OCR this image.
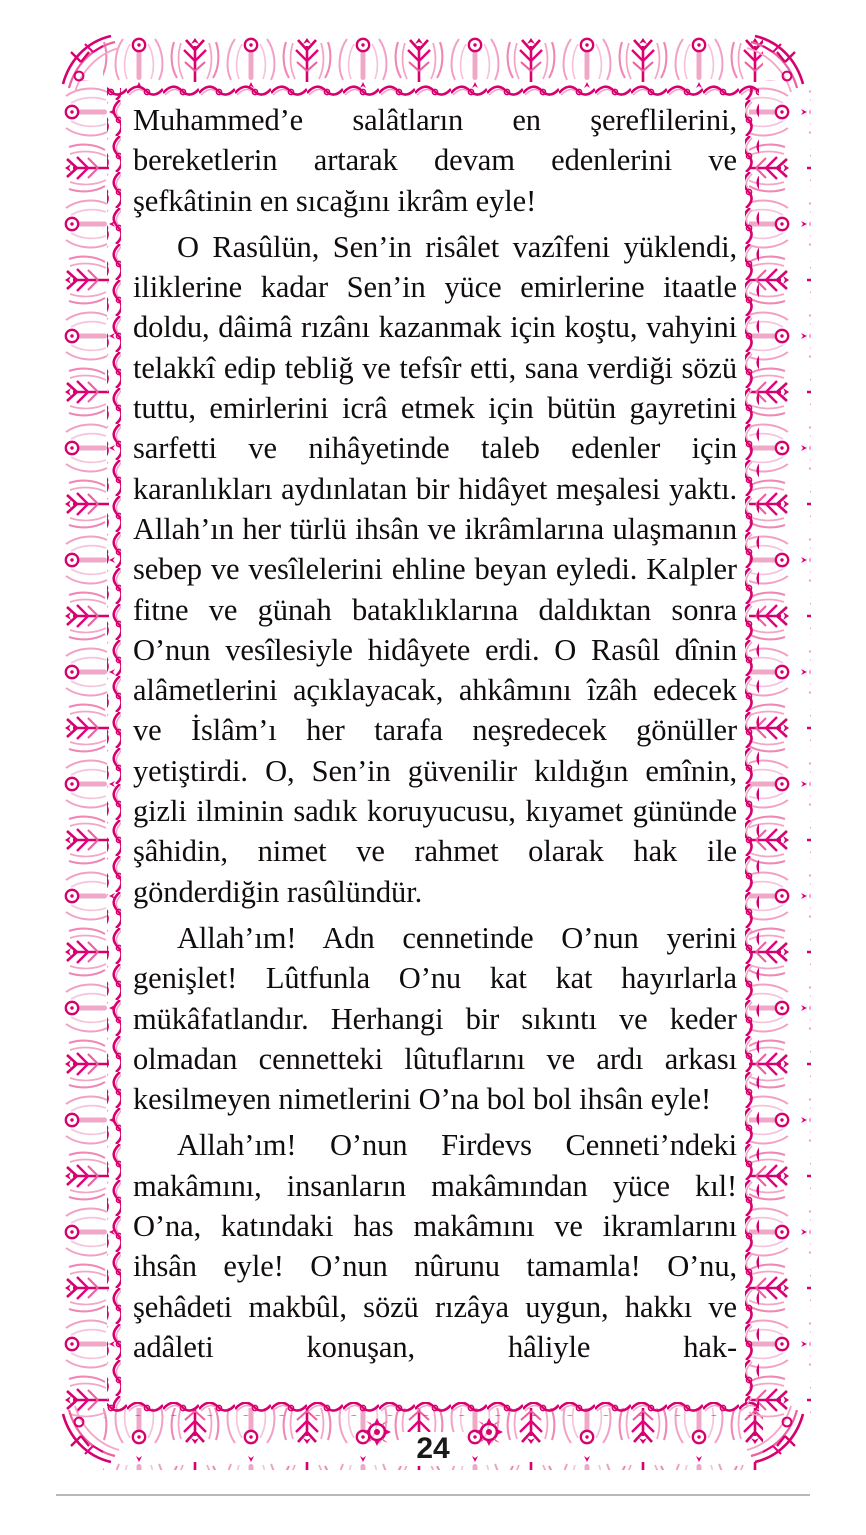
Muhammed’e salâtların en şereflilerini, bereketlerin artarak devam edenlerini ve şefkâtinin en sıcağını ikrâm eyle!

O Rasûlün, Sen’in risâlet vazîfeni yüklendi, iliklerine kadar Sen’in yüce emirlerine itaatle doldu, dâimâ rızânı kazanmak için koştu, vahyini telakkî edip tebliğ ve tefsîr etti, sana verdiği sözü tuttu, emirlerini icrâ etmek için bütün gayretini sarfetti ve nihâyetinde taleb edenler için karanlıkları aydınlatan bir hidâyet meşalesi yaktı. Allah’ın her türlü ihsân ve ikrâmlarına ulaşmanın sebep ve vesîlelerini ehline beyan eyledi. Kalpler fitne ve günah bataklıklarına daldıktan sonra O’nun vesîlesiyle hidâyete erdi. O Rasûl dînin alâmetlerini açıklayacak, ahkâmını îzâh edecek ve İslâm’ı her tarafa neşredecek gönüller yetiştirdi. O, Sen’in güvenilir kıldığın emînin, gizli ilminin sadık koruyucusu, kıyamet gününde şâhidin, nimet ve rahmet olarak hak ile gönderdiğin rasûlündür.

Allah’ım! Adn cennetinde O’nun yerini genişlet! Lûtfunla O’nu kat kat hayırlarla mükâfatlandır. Herhangi bir sıkıntı ve keder olmadan cennetteki lûtuflarını ve ardı arkası kesilmeyen nimetlerini O’na bol bol ihsân eyle!

Allah’ım! O’nun Firdevs Cenneti’ndeki makâmını, insanların makâmından yüce kıl! O’na, katındaki has makâmını ve ikramlarını ihsân eyle! O’nun nûrunu tamamla! O’nu, şehâdeti makbûl, sözü rızâya uygun, hakkı ve adâleti konuşan, hâliyle hak-

24
